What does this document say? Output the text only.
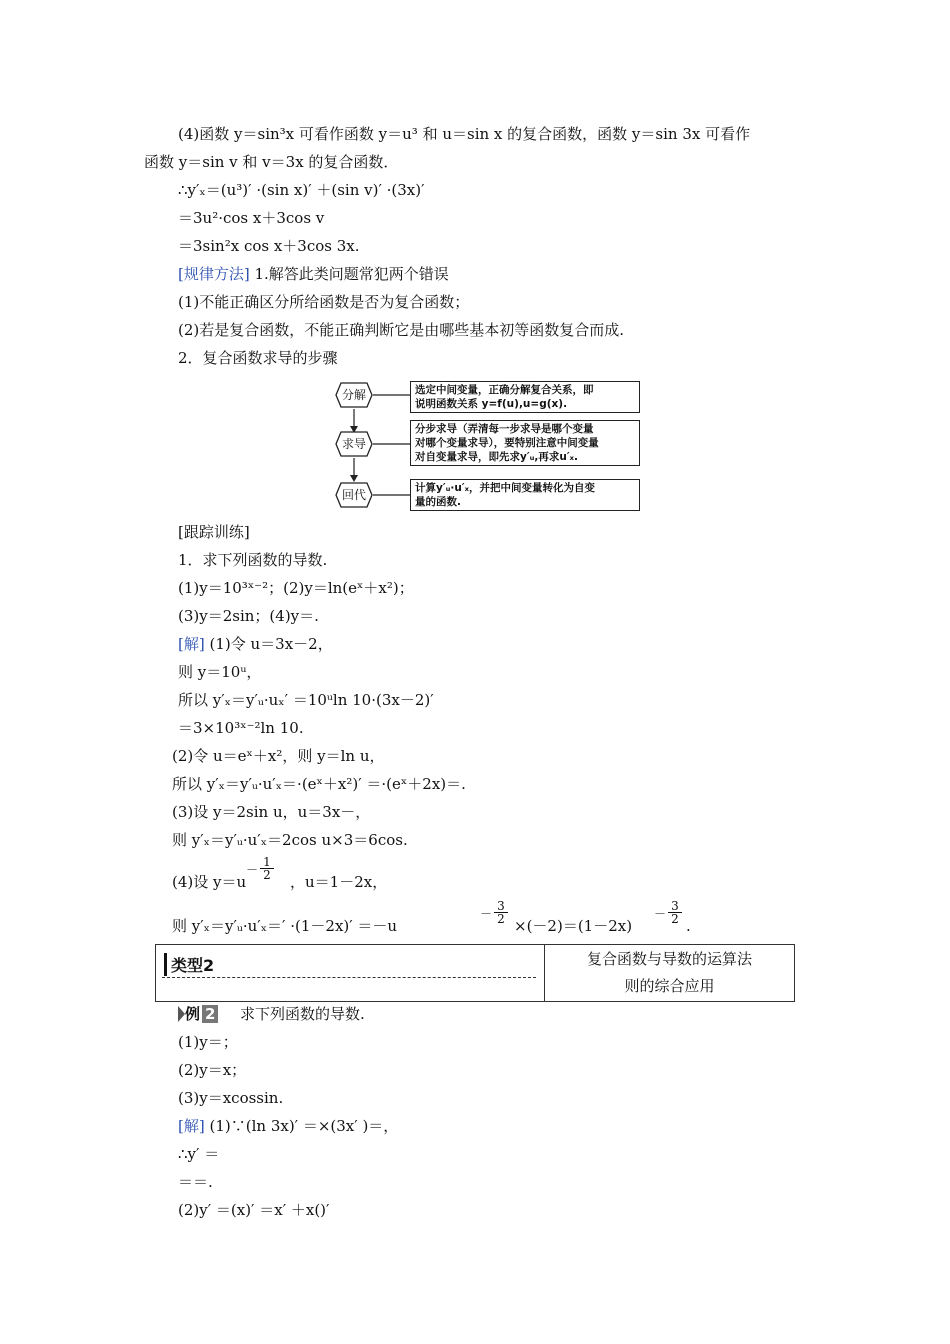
(4)函数 y＝sin³x 可看作函数 y＝u³ 和 u＝sin x 的复合函数，函数 y＝sin 3x 可看作
函数 y＝sin v 和 v＝3x 的复合函数．
∴y′ₓ＝(u³)′ ·(sin x)′ ＋(sin v)′ ·(3x)′
＝3u²·cos x＋3cos v
＝3sin²x cos x＋3cos 3x.
[规律方法] 1.解答此类问题常犯两个错误
(1)不能正确区分所给函数是否为复合函数；
(2)若是复合函数，不能正确判断它是由哪些基本初等函数复合而成.
2．复合函数求导的步骤
分解
求导
回代
选定中间变量，正确分解复合关系，即
说明函数关系 y=f(u),u=g(x).
分步求导（弄清每一步求导是哪个变量
对哪个变量求导），要特别注意中间变量
对自变量求导，即先求y′ᵤ,再求u′ₓ.
计算y′ᵤ·u′ₓ，并把中间变量转化为自变
量的函数.
[跟踪训练]
1．求下列函数的导数.
(1)y＝10³ˣ⁻²；(2)y＝ln(eˣ＋x²)；
(3)y＝2sin；(4)y＝.
[解] (1)令 u＝3x－2，
则 y＝10ᵘ，
所以 y′ₓ＝y′ᵤ·uₓ′ ＝10ᵘln 10·(3x－2)′
＝3×10³ˣ⁻²ln 10.
(2)令 u＝eˣ＋x²，则 y＝ln u，
所以 y′ₓ＝y′ᵤ·u′ₓ＝·(eˣ＋x²)′ ＝·(eˣ＋2x)＝.
(3)设 y＝2sin u，u＝3x－，
则 y′ₓ＝y′ᵤ·u′ₓ＝2cos u×3＝6cos.
(4)设 y＝u
－
1
2 ，u＝1－2x，
则 y′ₓ＝y′ᵤ·u′ₓ＝′ ·(1－2x)′ ＝－u
－
3
2 ×(－2)＝(1－2x)
－
3
2 .
类型2	复合函数与导数的运算法
则的综合应用
例 2 求下列函数的导数.
(1)y＝；
(2)y＝x；
(3)y＝xcossin.
[解] (1)∵(ln 3x)′ ＝×(3x′ )＝，
∴y′ ＝
＝＝.
(2)y′ ＝(x)′ ＝x′ ＋x()′
